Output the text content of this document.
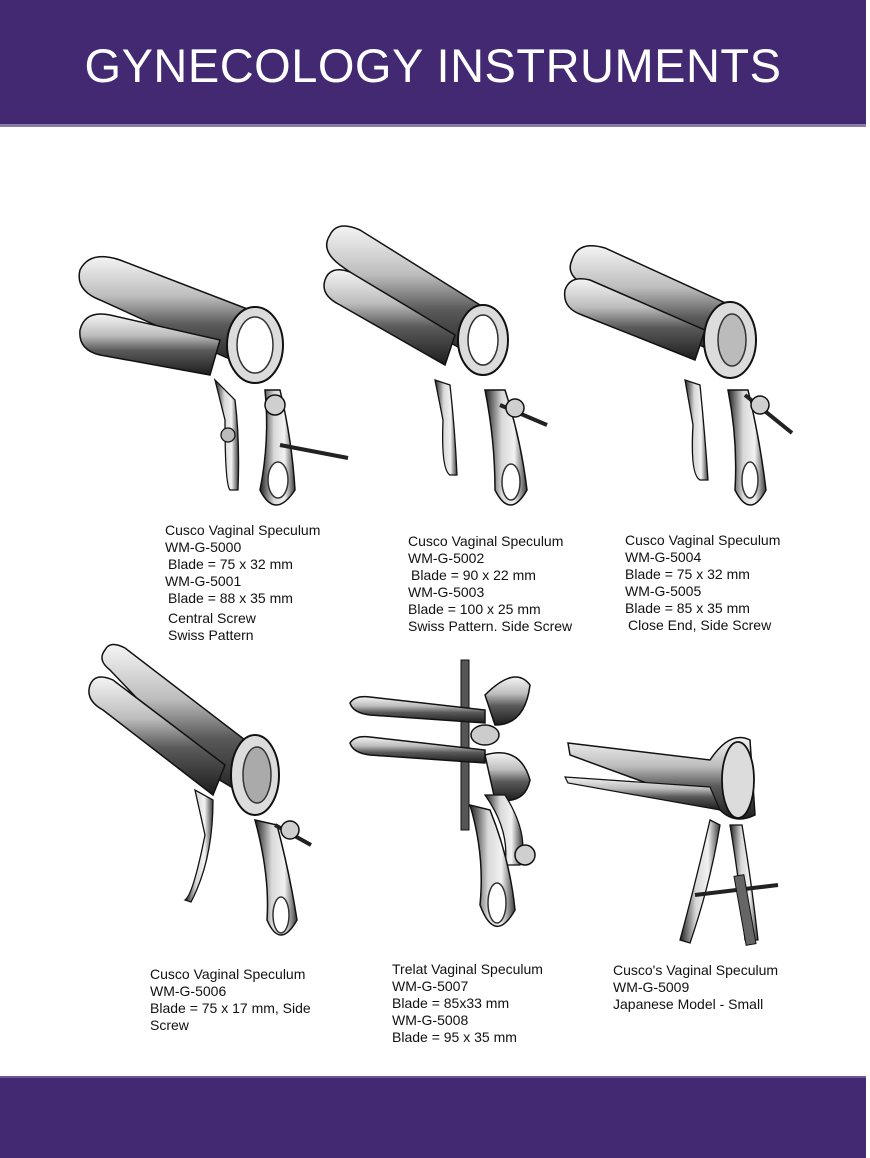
GYNECOLOGY INSTRUMENTS
Cusco Vaginal Speculum
WM-G-5000
Blade = 75 x 32 mm
WM-G-5001
Blade = 88 x 35 mm
Central Screw
Swiss Pattern
Cusco Vaginal Speculum
WM-G-5002
Blade = 90 x 22 mm
WM-G-5003
Blade = 100 x 25 mm
Swiss Pattern. Side Screw
Cusco Vaginal Speculum
WM-G-5004
Blade = 75 x 32 mm
WM-G-5005
Blade = 85 x 35 mm
Close End, Side Screw
Cusco Vaginal Speculum
WM-G-5006
Blade = 75 x 17 mm, Side
Screw
Trelat Vaginal Speculum
WM-G-5007
Blade = 85x33 mm
WM-G-5008
Blade = 95 x 35 mm
Cusco's Vaginal Speculum
WM-G-5009
Japanese Model - Small
